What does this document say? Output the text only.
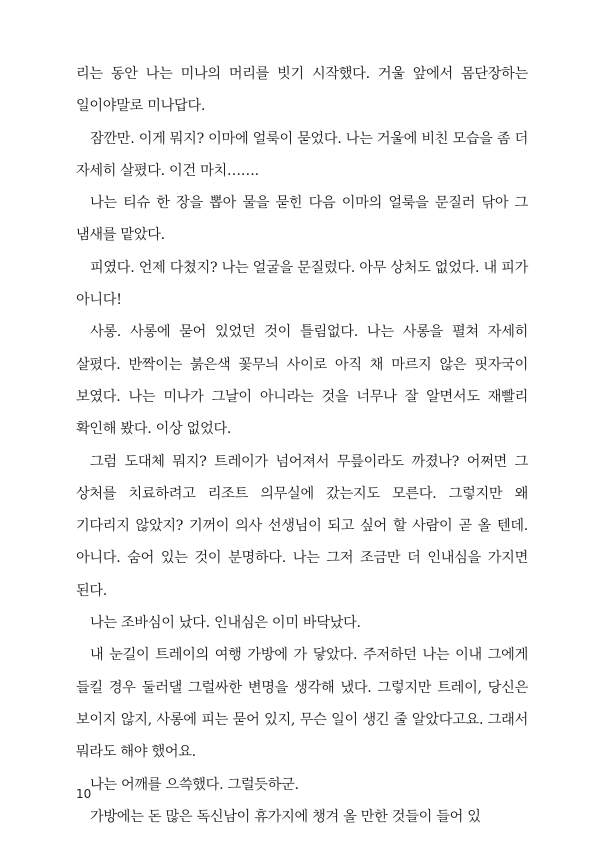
리는 동안 나는 미나의 머리를 빗기 시작했다. 거울 앞에서 몸단장하는 일이야말로 미나답다.

잠깐만. 이게 뭐지? 이마에 얼룩이 묻었다. 나는 거울에 비친 모습을 좀 더 자세히 살폈다. 이건 마치…….

나는 티슈 한 장을 뽑아 물을 묻힌 다음 이마의 얼룩을 문질러 닦아 그 냄새를 맡았다.

피였다. 언제 다쳤지? 나는 얼굴을 문질렀다. 아무 상처도 없었다. 내 피가 아니다!

사롱. 사롱에 묻어 있었던 것이 틀림없다. 나는 사롱을 펼쳐 자세히 살폈다. 반짝이는 붉은색 꽃무늬 사이로 아직 채 마르지 않은 핏자국이 보였다. 나는 미나가 그날이 아니라는 것을 너무나 잘 알면서도 재빨리 확인해 봤다. 이상 없었다.

그럼 도대체 뭐지? 트레이가 넘어져서 무릎이라도 까졌나? 어쩌면 그 상처를 치료하려고 리조트 의무실에 갔는지도 모른다. 그렇지만 왜 기다리지 않았지? 기꺼이 의사 선생님이 되고 싶어 할 사람이 곧 올 텐데. 아니다. 숨어 있는 것이 분명하다. 나는 그저 조금만 더 인내심을 가지면 된다.

나는 조바심이 났다. 인내심은 이미 바닥났다.

내 눈길이 트레이의 여행 가방에 가 닿았다. 주저하던 나는 이내 그에게 들킬 경우 둘러댈 그럴싸한 변명을 생각해 냈다. 그렇지만 트레이, 당신은 보이지 않지, 사롱에 피는 묻어 있지, 무슨 일이 생긴 줄 알았다고요. 그래서 뭐라도 해야 했어요.

나는 어깨를 으쓱했다. 그럴듯하군.

가방에는 돈 많은 독신남이 휴가지에 챙겨 올 만한 것들이 들어 있

10
